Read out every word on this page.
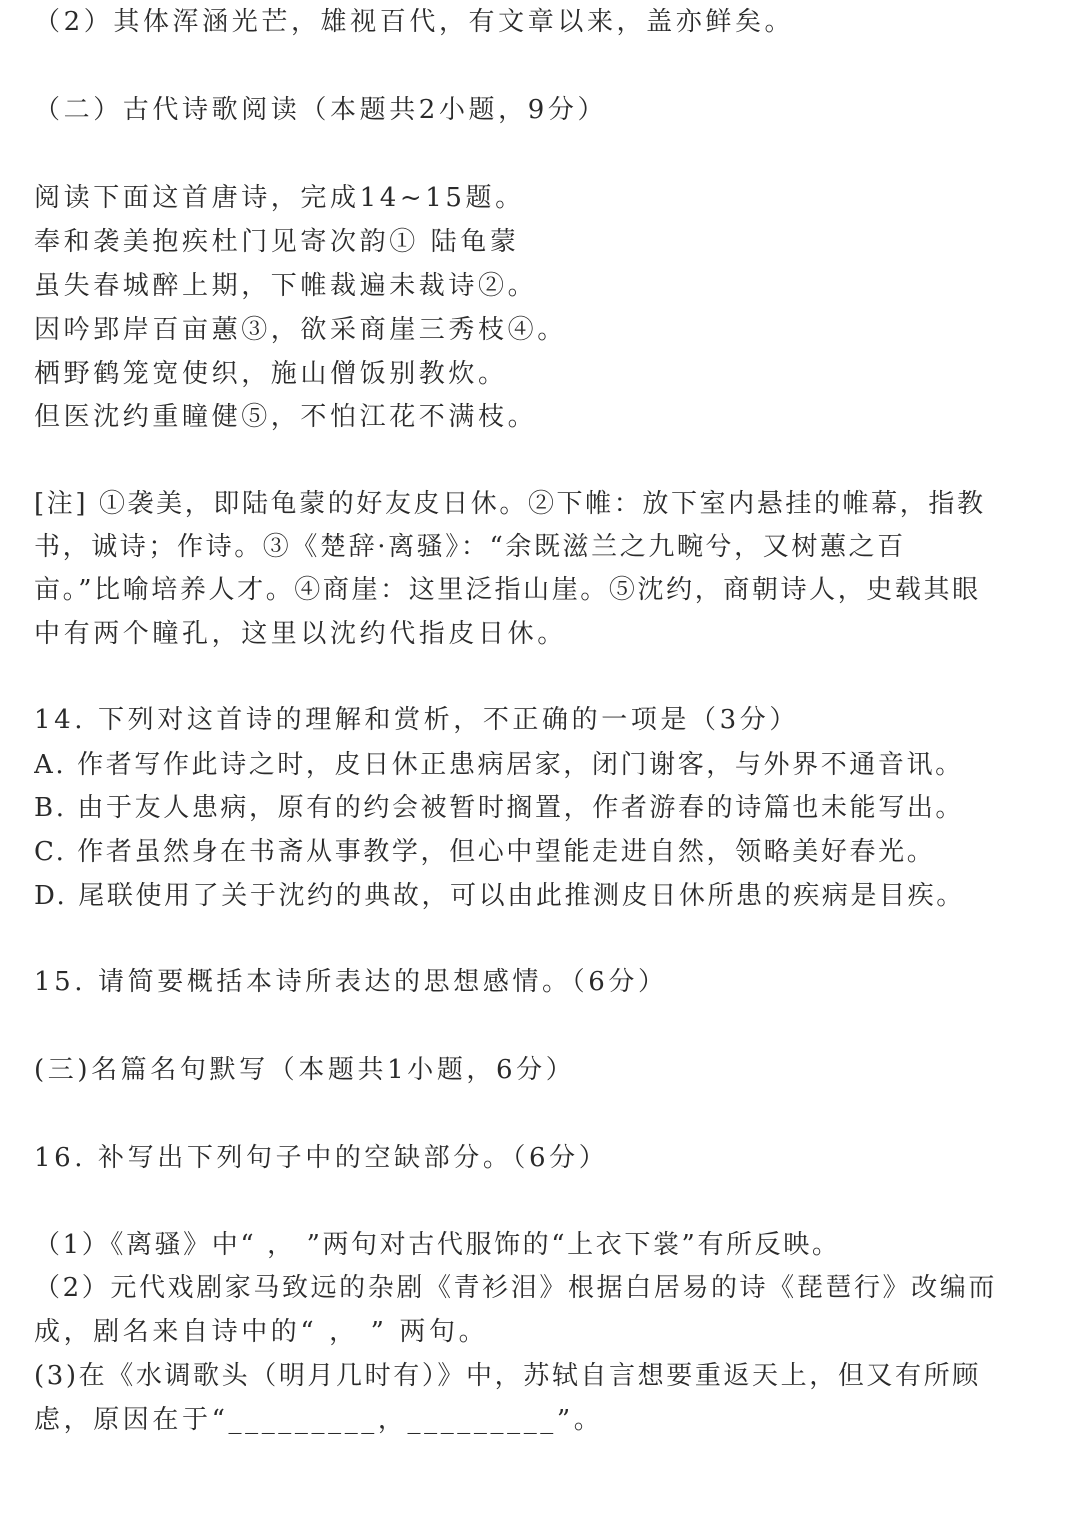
（2）其体浑涵光芒，雄视百代，有文章以来，盖亦鲜矣。
（二）古代诗歌阅读（本题共2小题，9分）
阅读下面这首唐诗，完成14~15题。
奉和袭美抱疾杜门见寄次韵① 陆龟蒙
虽失春城醉上期，下帷裁遍未裁诗②。
因吟郢岸百亩蕙③，欲采商崖三秀枝④。
栖野鹤笼宽使织，施山僧饭别教炊。
但医沈约重瞳健⑤，不怕江花不满枝。
[注] ①袭美，即陆龟蒙的好友皮日休。②下帷：放下室内悬挂的帷幕，指教
书，诚诗；作诗。③《楚辞·离骚》：“余既滋兰之九畹兮，又树蕙之百
亩。”比喻培养人才。④商崖：这里泛指山崖。⑤沈约，商朝诗人，史载其眼
中有两个瞳孔，这里以沈约代指皮日休。
14. 下列对这首诗的理解和赏析，不正确的一项是（3分）
A. 作者写作此诗之时，皮日休正患病居家，闭门谢客，与外界不通音讯。
B. 由于友人患病，原有的约会被暂时搁置，作者游春的诗篇也未能写出。
C. 作者虽然身在书斋从事教学，但心中望能走进自然，领略美好春光。
D. 尾联使用了关于沈约的典故，可以由此推测皮日休所患的疾病是目疾。
15. 请简要概括本诗所表达的思想感情。（6分）
(三)名篇名句默写（本题共1小题，6分）
16. 补写出下列句子中的空缺部分。（6分）
（1）《离骚》中“ ， ”两句对古代服饰的“上衣下裳”有所反映。
（2）元代戏剧家马致远的杂剧《青衫泪》根据白居易的诗《琵琶行》改编而
成，剧名来自诗中的“ ， ” 两句。
(3)在《水调歌头（明月几时有）》中，苏轼自言想要重返天上，但又有所顾
虑，原因在于“_________，_________”。
